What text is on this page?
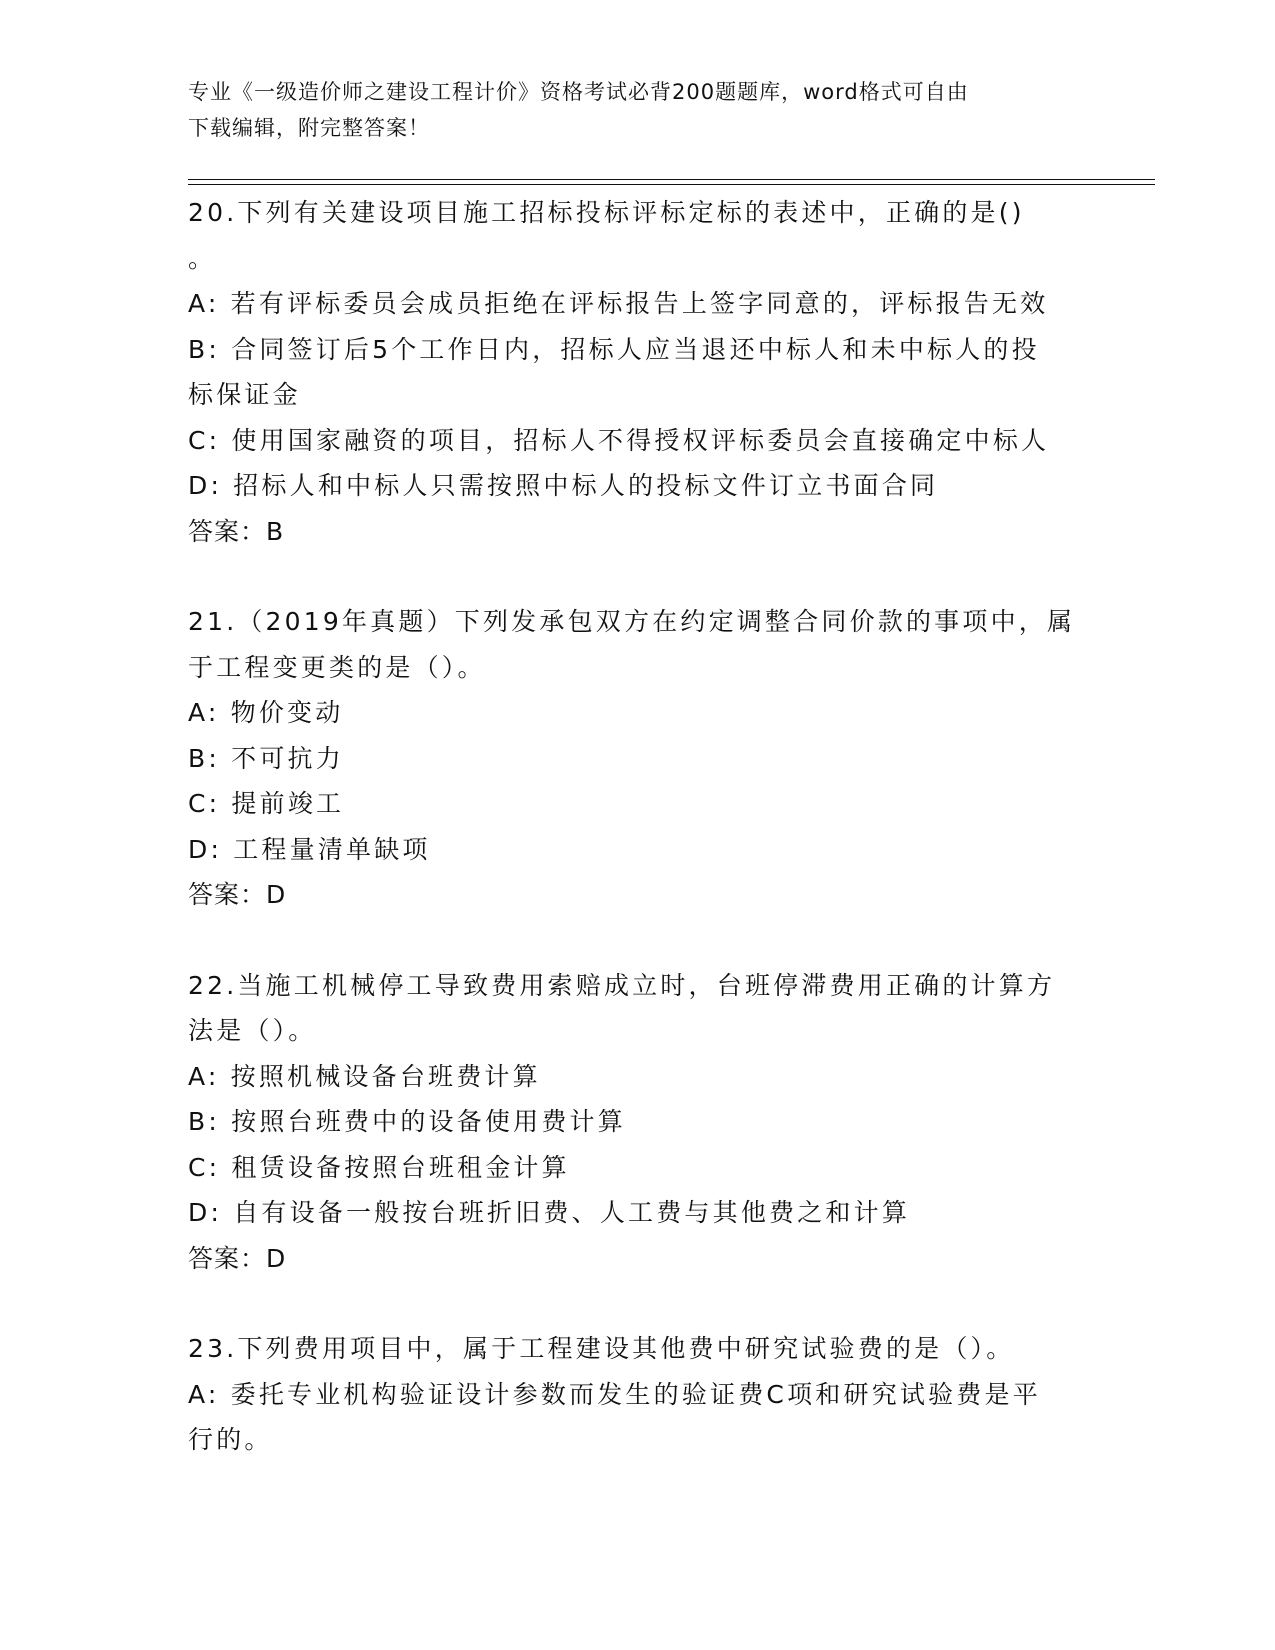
专业《一级造价师之建设工程计价》资格考试必背200题题库，word格式可自由
下载编辑，附完整答案！

20.下列有关建设项目施工招标投标评标定标的表述中，正确的是()

。

A: 若有评标委员会成员拒绝在评标报告上签字同意的，评标报告无效

B: 合同签订后5个工作日内，招标人应当退还中标人和未中标人的投

标保证金

C: 使用国家融资的项目，招标人不得授权评标委员会直接确定中标人

D: 招标人和中标人只需按照中标人的投标文件订立书面合同

答案：B

21.（2019年真题）下列发承包双方在约定调整合同价款的事项中，属

于工程变更类的是（）。

A: 物价变动

B: 不可抗力

C: 提前竣工

D: 工程量清单缺项

答案：D

22.当施工机械停工导致费用索赔成立时，台班停滞费用正确的计算方

法是（）。

A: 按照机械设备台班费计算

B: 按照台班费中的设备使用费计算

C: 租赁设备按照台班租金计算

D: 自有设备一般按台班折旧费、人工费与其他费之和计算

答案：D

23.下列费用项目中，属于工程建设其他费中研究试验费的是（）。

A: 委托专业机构验证设计参数而发生的验证费C项和研究试验费是平

行的。
